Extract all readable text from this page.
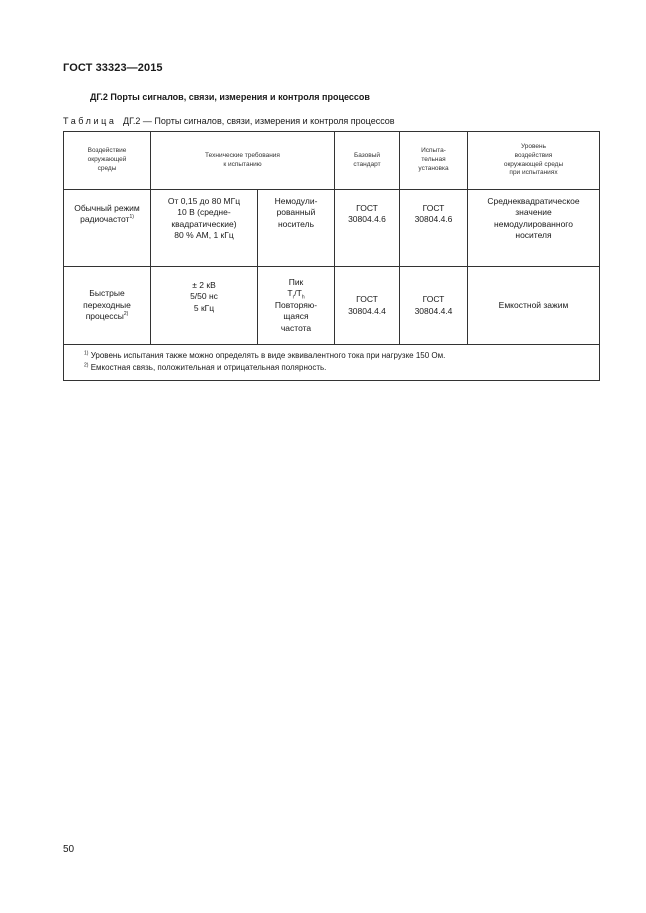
ГОСТ 33323—2015
ДГ.2 Порты сигналов, связи, измерения и контроля процессов
Таблица ДГ.2 — Порты сигналов, связи, измерения и контроля процессов
Воздействие
окружающей
среды	Технические требования
к испытанию		Базовый
стандарт	Испыта-
тельная
установка	Уровень
воздействия
окружающей среды
при испытаниях

Обычный режим
радиочастот$^{1)}$	От 0,15 до 80 МГц
10 В (средне-
квадратические)
80 % АМ, 1 кГц	Немодули-
рованный
носитель	ГОСТ
30804.4.6	ГОСТ
30804.4.6	Среднеквадратическое
значение
немодулированного
носителя

Быстрые
переходные
процессы$^{2)}$	± 2 кВ
5/50 нс
5 кГц	Пик
$T_r/T_h$
Повторяю-
щаяся
частота	ГОСТ
30804.4.4	ГОСТ
30804.4.4	Емкостной зажим

$^{1)}$ Уровень испытания также можно определять в виде эквивалентного тока при нагрузке 150 Ом.
$^{2)}$ Емкостная связь, положительная и отрицательная полярность.					
50
